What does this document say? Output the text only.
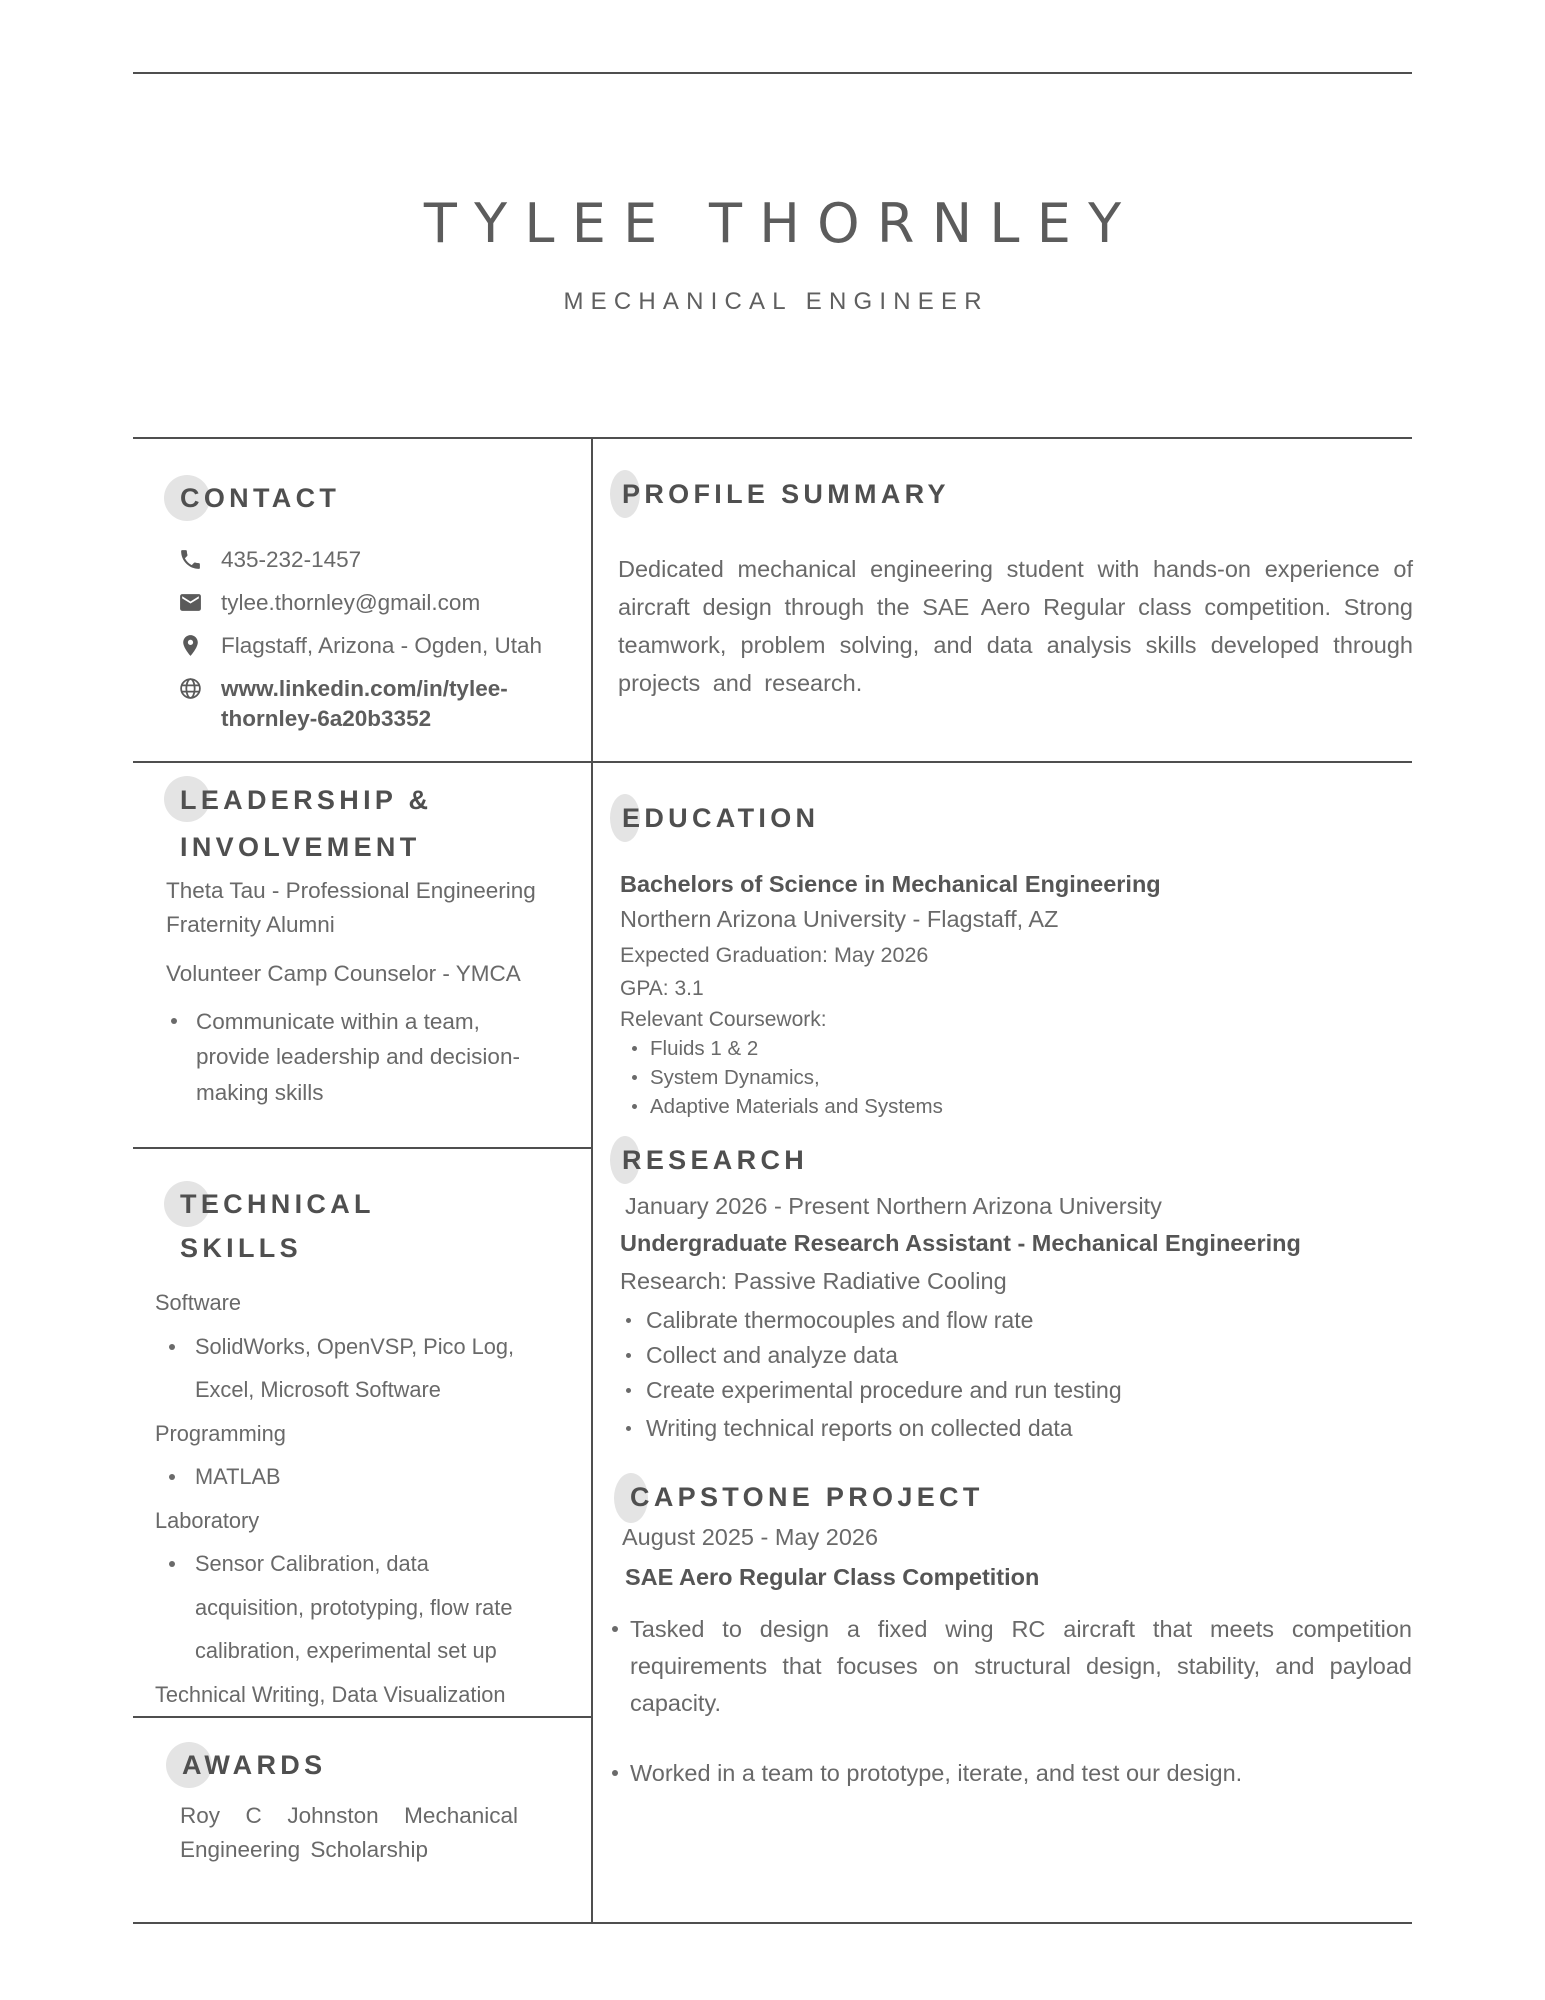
TYLEE THORNLEY
MECHANICAL ENGINEER
CONTACT
435-232-1457
tylee.thornley@gmail.com
Flagstaff, Arizona - Ogden, Utah
www.linkedin.com/in/tylee-thornley-6a20b3352
LEADERSHIP &
INVOLVEMENT
Theta Tau - Professional Engineering Fraternity Alumni
Volunteer Camp Counselor - YMCA
Communicate within a team, provide leadership and decision-making skills
TECHNICAL
SKILLS
Software
SolidWorks, OpenVSP, Pico Log, Excel, Microsoft Software
Programming
MATLAB
Laboratory
Sensor Calibration, data acquisition, prototyping, flow rate calibration, experimental set up
Technical Writing, Data Visualization
AWARDS
Roy C Johnston Mechanical Engineering Scholarship
PROFILE SUMMARY
Dedicated mechanical engineering student with hands-on experience of aircraft design through the SAE Aero Regular class competition. Strong teamwork, problem solving, and data analysis skills developed through projects and research.
EDUCATION
Bachelors of Science in Mechanical Engineering
Northern Arizona University - Flagstaff, AZ
Expected Graduation: May 2026
GPA: 3.1
Relevant Coursework:
Fluids 1 & 2
System Dynamics,
Adaptive Materials and Systems
RESEARCH
January 2026 - Present Northern Arizona University
Undergraduate Research Assistant - Mechanical Engineering
Research: Passive Radiative Cooling
Calibrate thermocouples and flow rate
Collect and analyze data
Create experimental procedure and run testing
Writing technical reports on collected data
CAPSTONE PROJECT
August 2025 - May 2026
SAE Aero Regular Class Competition
Tasked to design a fixed wing RC aircraft that meets competition requirements that focuses on structural design, stability, and payload capacity.
Worked in a team to prototype, iterate, and test our design.
